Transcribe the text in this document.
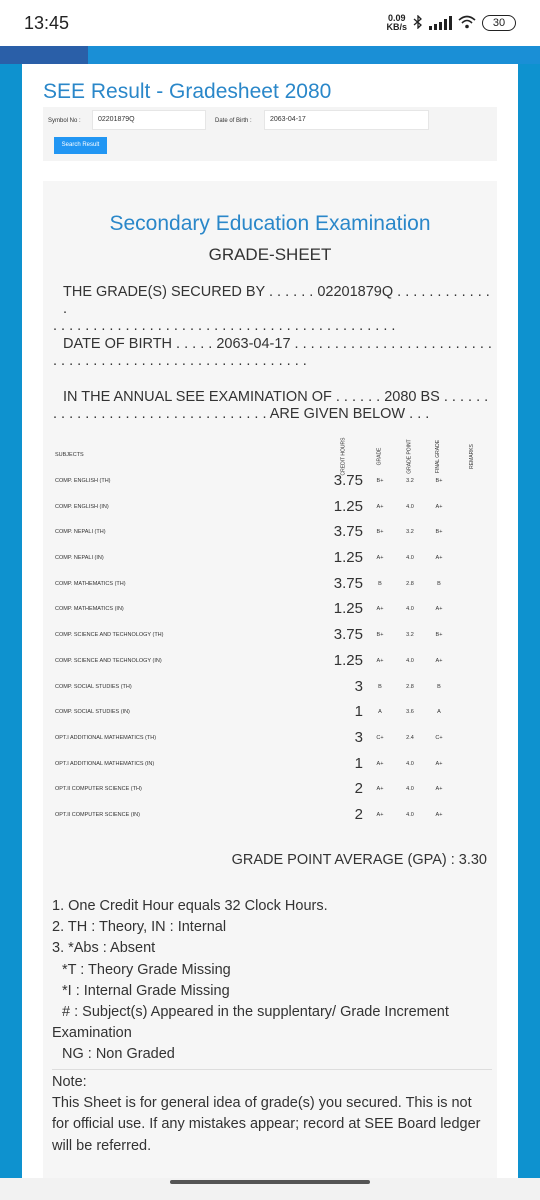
13:45	0.09
KB/s	30
SEE Result - Gradesheet 2080
Symbol No :	02201879Q	Date of Birth :	2063-04-17
Search Result
Secondary Education Examination
GRADE-SHEET
THE GRADE(S) SECURED BY . . . . . . 02201879Q . . . . . . . . . . . . .
. . . . . . . . . . . . . . . . . . . . . . . . . . . . . . . . . . . . . . . . . . .
DATE OF BIRTH . . . . . 2063-04-17 . . . . . . . . . . . . . . . . . . . . . . . . .
. . . . . . . . . . . . . . . . . . . . . . . . . . . . . . . .
IN THE ANNUAL SEE EXAMINATION OF . . . . . . 2080 BS . . . . . .
. . . . . . . . . . . . . . . . . . . . . . . . . . . ARE GIVEN BELOW . . .
SUBJECTS	CREDIT HOURS	GRADE	GRADE POINT	FINAL GRADE	REMARKS
COMP. ENGLISH (TH)	3.75	B+	3.2	B+
COMP. ENGLISH (IN)	1.25	A+	4.0	A+
COMP. NEPALI (TH)	3.75	B+	3.2	B+
COMP. NEPALI (IN)	1.25	A+	4.0	A+
COMP. MATHEMATICS (TH)	3.75	B	2.8	B
COMP. MATHEMATICS (IN)	1.25	A+	4.0	A+
COMP. SCIENCE AND TECHNOLOGY (TH)	3.75	B+	3.2	B+
COMP. SCIENCE AND TECHNOLOGY (IN)	1.25	A+	4.0	A+
COMP. SOCIAL STUDIES (TH)	3	B	2.8	B
COMP. SOCIAL STUDIES (IN)	1	A	3.6	A
OPT.I ADDITIONAL MATHEMATICS (TH)	3	C+	2.4	C+
OPT.I ADDITIONAL MATHEMATICS (IN)	1	A+	4.0	A+
OPT.II COMPUTER SCIENCE (TH)	2	A+	4.0	A+
OPT.II COMPUTER SCIENCE (IN)	2	A+	4.0	A+
GRADE POINT AVERAGE (GPA) : 3.30
1. One Credit Hour equals 32 Clock Hours.
2. TH : Theory, IN : Internal
3. *Abs : Absent
*T : Theory Grade Missing
*I : Internal Grade Missing
# : Subject(s) Appeared in the supplentary/ Grade Increment
Examination
NG : Non Graded
Note:
This Sheet is for general idea of grade(s) you secured. This is not for official use. If any mistakes appear; record at SEE Board ledger will be referred.
